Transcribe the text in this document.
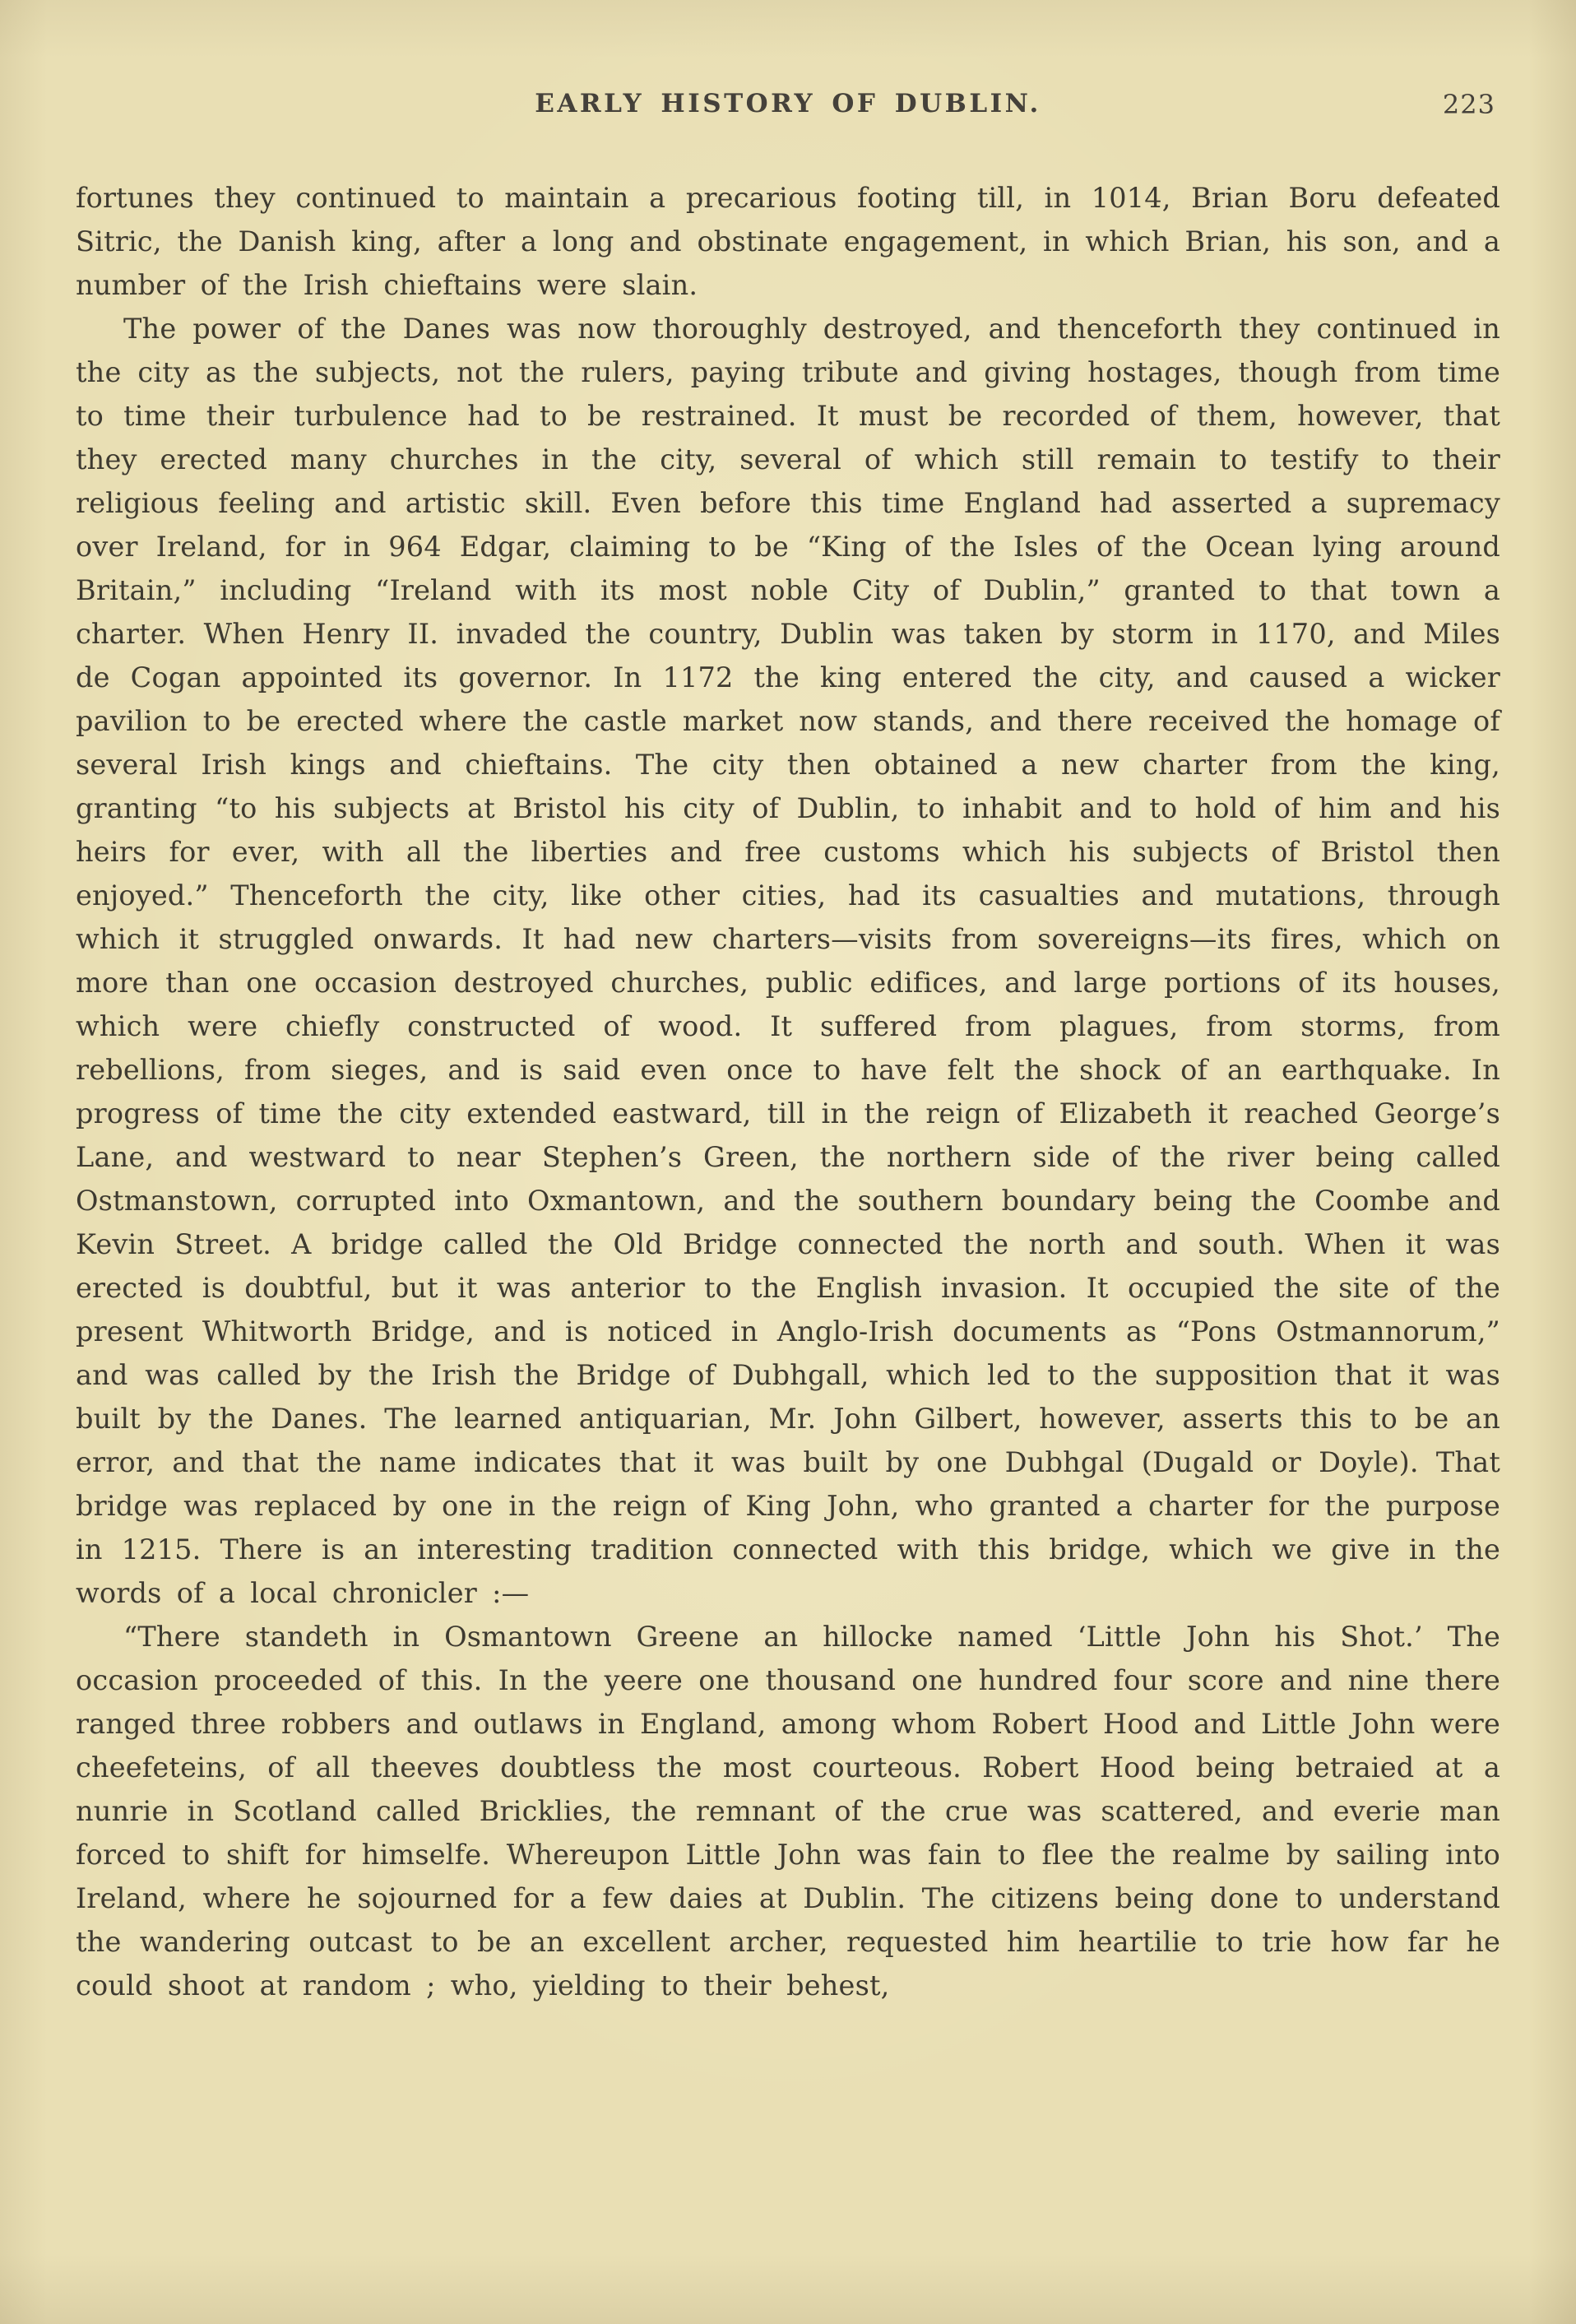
EARLY HISTORY OF DUBLIN.	223

fortunes they continued to maintain a precarious footing till, in 1014, Brian Boru defeated Sitric, the Danish king, after a long and obstinate engagement, in which Brian, his son, and a number of the Irish chieftains were slain.

The power of the Danes was now thoroughly destroyed, and thenceforth they continued in the city as the subjects, not the rulers, paying tribute and giving hostages, though from time to time their turbulence had to be restrained. It must be recorded of them, however, that they erected many churches in the city, several of which still remain to testify to their religious feeling and artistic skill. Even before this time England had asserted a supremacy over Ireland, for in 964 Edgar, claiming to be “King of the Isles of the Ocean lying around Britain,” including “Ireland with its most noble City of Dublin,” granted to that town a charter. When Henry II. invaded the country, Dublin was taken by storm in 1170, and Miles de Cogan appointed its governor. In 1172 the king entered the city, and caused a wicker pavilion to be erected where the castle market now stands, and there received the homage of several Irish kings and chieftains. The city then obtained a new charter from the king, granting “to his subjects at Bristol his city of Dublin, to inhabit and to hold of him and his heirs for ever, with all the liberties and free customs which his subjects of Bristol then enjoyed.” Thenceforth the city, like other cities, had its casualties and mutations, through which it struggled onwards. It had new charters—visits from sovereigns—its fires, which on more than one occasion destroyed churches, public edifices, and large portions of its houses, which were chiefly constructed of wood. It suffered from plagues, from storms, from rebellions, from sieges, and is said even once to have felt the shock of an earthquake. In progress of time the city extended eastward, till in the reign of Elizabeth it reached George’s Lane, and westward to near Stephen’s Green, the northern side of the river being called Ostmanstown, corrupted into Oxmantown, and the southern boundary being the Coombe and Kevin Street. A bridge called the Old Bridge connected the north and south. When it was erected is doubtful, but it was anterior to the English invasion. It occupied the site of the present Whitworth Bridge, and is noticed in Anglo-Irish documents as “Pons Ostmannorum,” and was called by the Irish the Bridge of Dubhgall, which led to the supposition that it was built by the Danes. The learned antiquarian, Mr. John Gilbert, however, asserts this to be an error, and that the name indicates that it was built by one Dubhgal (Dugald or Doyle). That bridge was replaced by one in the reign of King John, who granted a charter for the purpose in 1215. There is an interesting tradition connected with this bridge, which we give in the words of a local chronicler :—

“There standeth in Osmantown Greene an hillocke named ‘Little John his Shot.’ The occasion proceeded of this. In the yeere one thousand one hundred four score and nine there ranged three robbers and outlaws in England, among whom Robert Hood and Little John were cheefeteins, of all theeves doubtless the most courteous. Robert Hood being betraied at a nunrie in Scotland called Bricklies, the remnant of the crue was scattered, and everie man forced to shift for himselfe. Whereupon Little John was fain to flee the realme by sailing into Ireland, where he sojourned for a few daies at Dublin. The citizens being done to understand the wandering outcast to be an excellent archer, requested him heartilie to trie how far he could shoot at random ; who, yielding to their behest,
